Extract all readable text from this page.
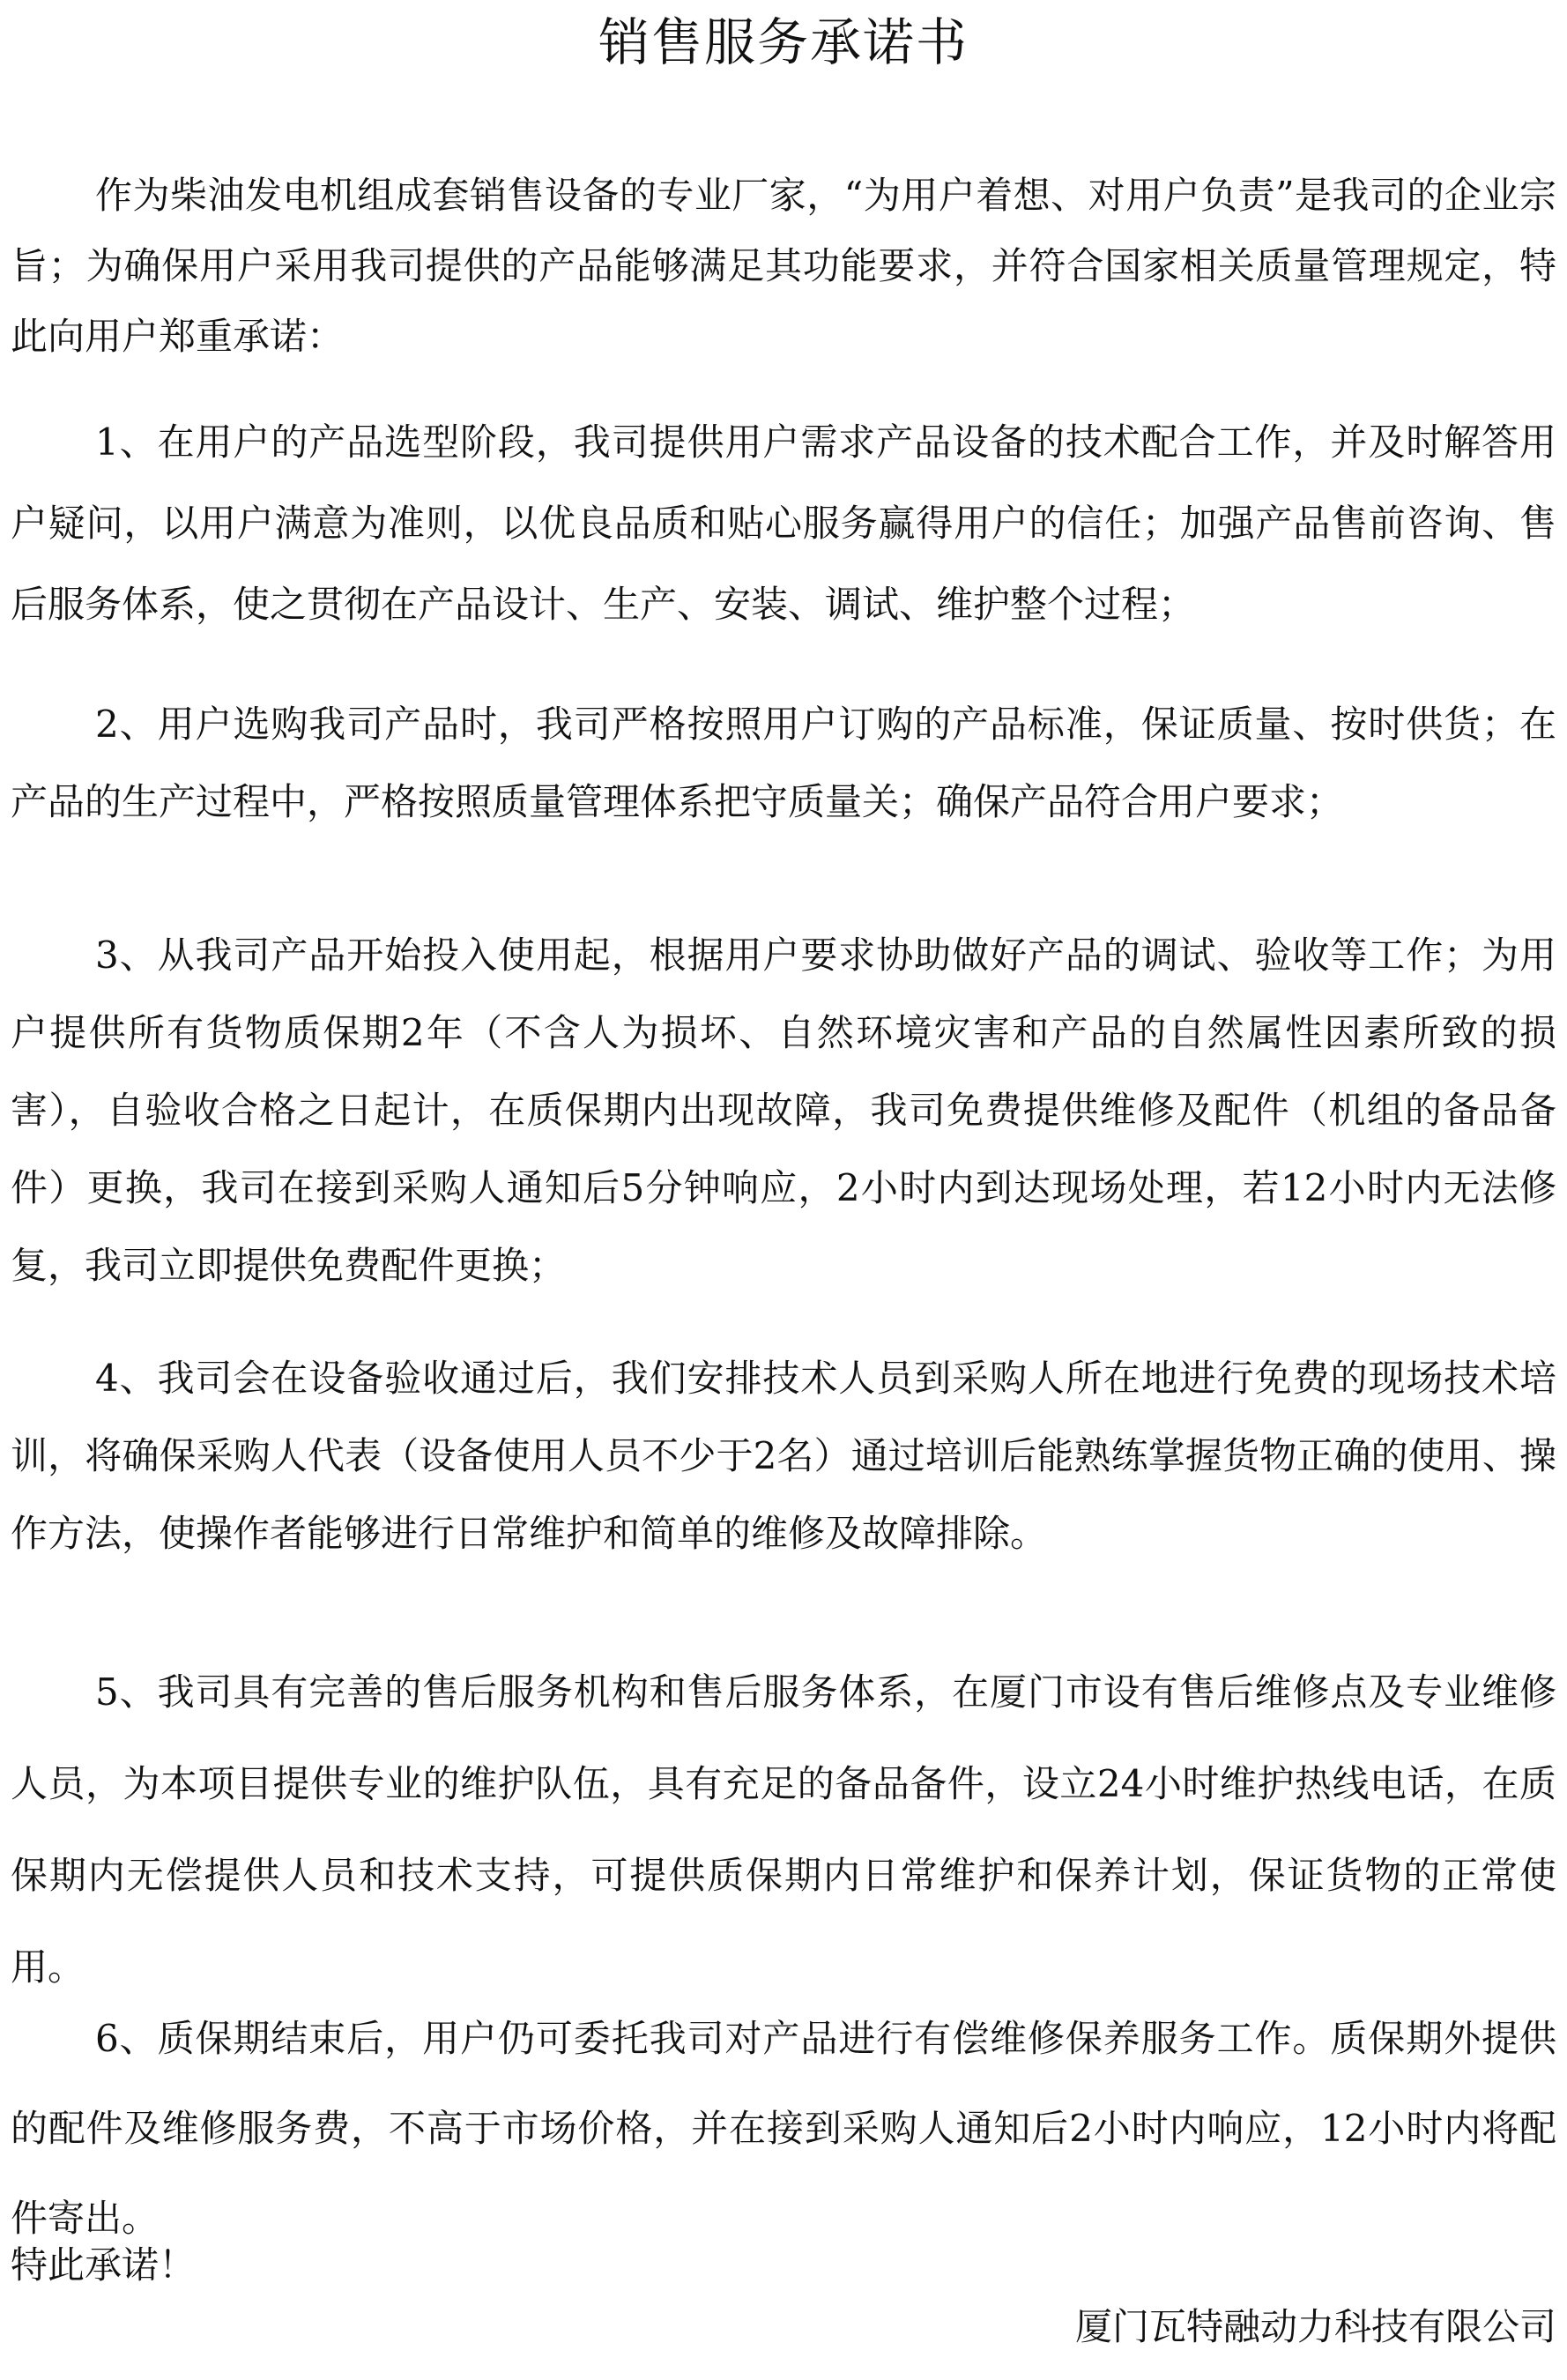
销售服务承诺书

作为柴油发电机组成套销售设备的专业厂家，“为用户着想、对用户负责”是我司的企业宗旨；为确保用户采用我司提供的产品能够满足其功能要求，并符合国家相关质量管理规定，特此向用户郑重承诺：

1、在用户的产品选型阶段，我司提供用户需求产品设备的技术配合工作，并及时解答用户疑问，以用户满意为准则，以优良品质和贴心服务赢得用户的信任；加强产品售前咨询、售后服务体系，使之贯彻在产品设计、生产、安装、调试、维护整个过程；

2、用户选购我司产品时，我司严格按照用户订购的产品标准，保证质量、按时供货；在产品的生产过程中，严格按照质量管理体系把守质量关；确保产品符合用户要求；

3、从我司产品开始投入使用起，根据用户要求协助做好产品的调试、验收等工作；为用户提供所有货物质保期2年（不含人为损坏、自然环境灾害和产品的自然属性因素所致的损害），自验收合格之日起计，在质保期内出现故障，我司免费提供维修及配件（机组的备品备件）更换，我司在接到采购人通知后5分钟响应，2小时内到达现场处理，若12小时内无法修复，我司立即提供免费配件更换；

4、我司会在设备验收通过后，我们安排技术人员到采购人所在地进行免费的现场技术培训，将确保采购人代表（设备使用人员不少于2名）通过培训后能熟练掌握货物正确的使用、操作方法，使操作者能够进行日常维护和简单的维修及故障排除。

5、我司具有完善的售后服务机构和售后服务体系，在厦门市设有售后维修点及专业维修人员，为本项目提供专业的维护队伍，具有充足的备品备件，设立24小时维护热线电话，在质保期内无偿提供人员和技术支持，可提供质保期内日常维护和保养计划，保证货物的正常使用。

6、质保期结束后，用户仍可委托我司对产品进行有偿维修保养服务工作。质保期外提供的配件及维修服务费，不高于市场价格，并在接到采购人通知后2小时内响应，12小时内将配件寄出。

特此承诺！
厦门瓦特融动力科技有限公司
